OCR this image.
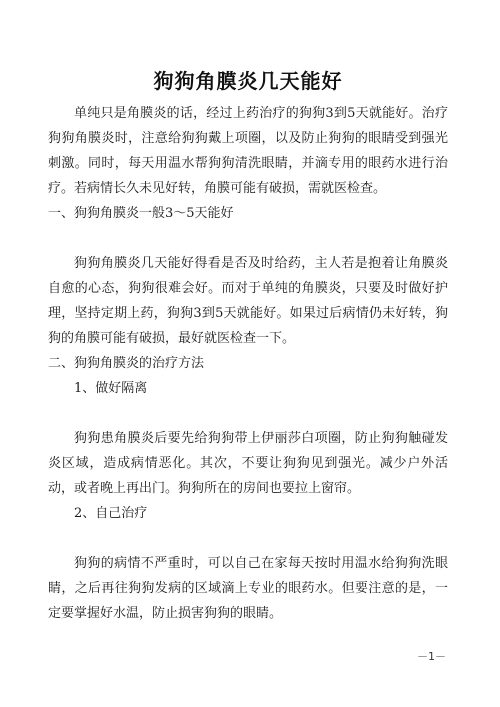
狗狗角膜炎几天能好

单纯只是角膜炎的话，经过上药治疗的狗狗3到5天就能好。治疗狗狗角膜炎时，注意给狗狗戴上项圈，以及防止狗狗的眼睛受到强光刺激。同时，每天用温水帮狗狗清洗眼睛，并滴专用的眼药水进行治疗。若病情长久未见好转，角膜可能有破损，需就医检查。

一、狗狗角膜炎一般3～5天能好

狗狗角膜炎几天能好得看是否及时给药，主人若是抱着让角膜炎自愈的心态，狗狗很难会好。而对于单纯的角膜炎，只要及时做好护理，坚持定期上药，狗狗3到5天就能好。如果过后病情仍未好转，狗狗的角膜可能有破损，最好就医检查一下。

二、狗狗角膜炎的治疗方法

1、做好隔离

狗狗患角膜炎后要先给狗狗带上伊丽莎白项圈，防止狗狗触碰发炎区域，造成病情恶化。其次，不要让狗狗见到强光。减少户外活动，或者晚上再出门。狗狗所在的房间也要拉上窗帘。

2、自己治疗

狗狗的病情不严重时，可以自己在家每天按时用温水给狗狗洗眼睛，之后再往狗狗发病的区域滴上专业的眼药水。但要注意的是，一定要掌握好水温，防止损害狗狗的眼睛。

－1－
